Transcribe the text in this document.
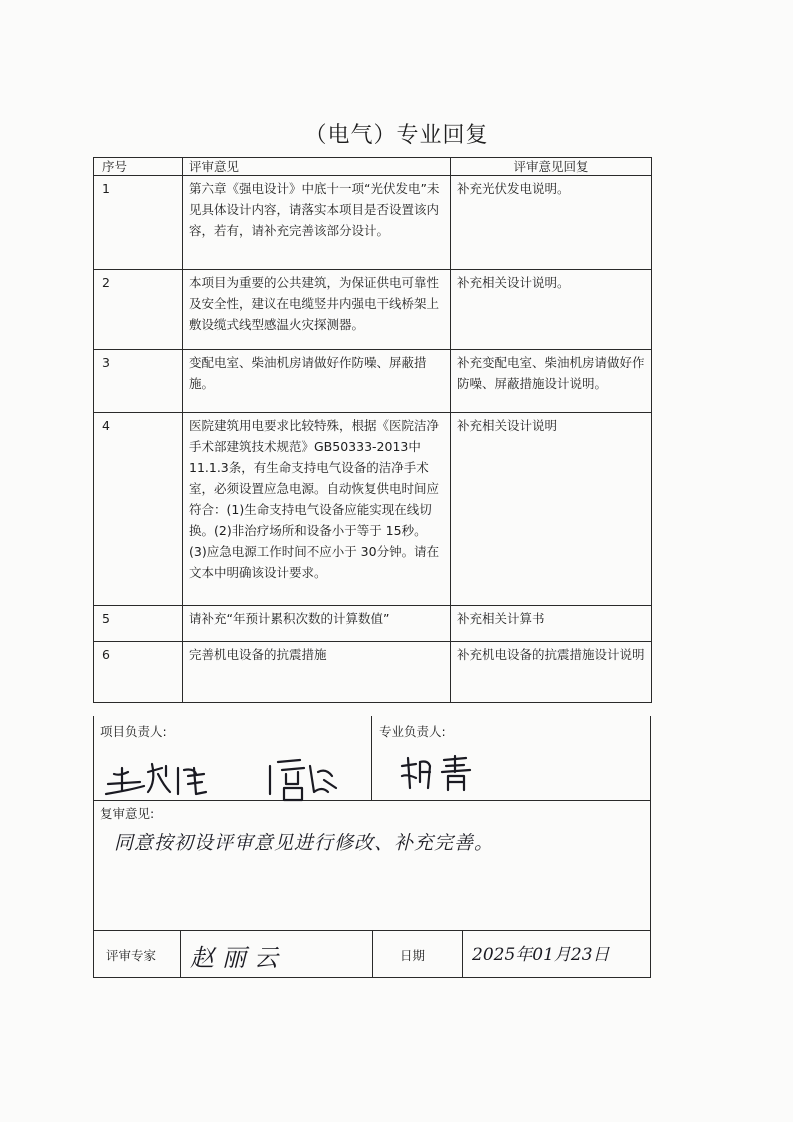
（电气）专业回复
序号	评审意见	评审意见回复
1	第六章《强电设计》中底十一项“光伏发电”未见具体设计内容，请落实本项目是否设置该内容，若有，请补充完善该部分设计。	补充光伏发电说明。
2	本项目为重要的公共建筑，为保证供电可靠性及安全性，建议在电缆竖井内强电干线桥架上敷设缆式线型感温火灾探测器。	补充相关设计说明。
3	变配电室、柴油机房请做好作防噪、屏蔽措施。	补充变配电室、柴油机房请做好作防噪、屏蔽措施设计说明。
4	医院建筑用电要求比较特殊，根据《医院洁净手术部建筑技术规范》GB50333-2013中 11.1.3条，有生命支持电气设备的洁净手术室，必须设置应急电源。自动恢复供电时间应符合：(1)生命支持电气设备应能实现在线切换。(2)非治疗场所和设备小于等于 15秒。(3)应急电源工作时间不应小于 30分钟。请在文本中明确该设计要求。	补充相关设计说明
5	请补充“年预计累积次数的计算数值”	补充相关计算书
6	完善机电设备的抗震措施	补充机电设备的抗震措施设计说明
项目负责人:	专业负责人:
复审意见:
同意按初设评审意见进行修改、补充完善。
评审专家 赵丽云	日期	2025年01月23日
